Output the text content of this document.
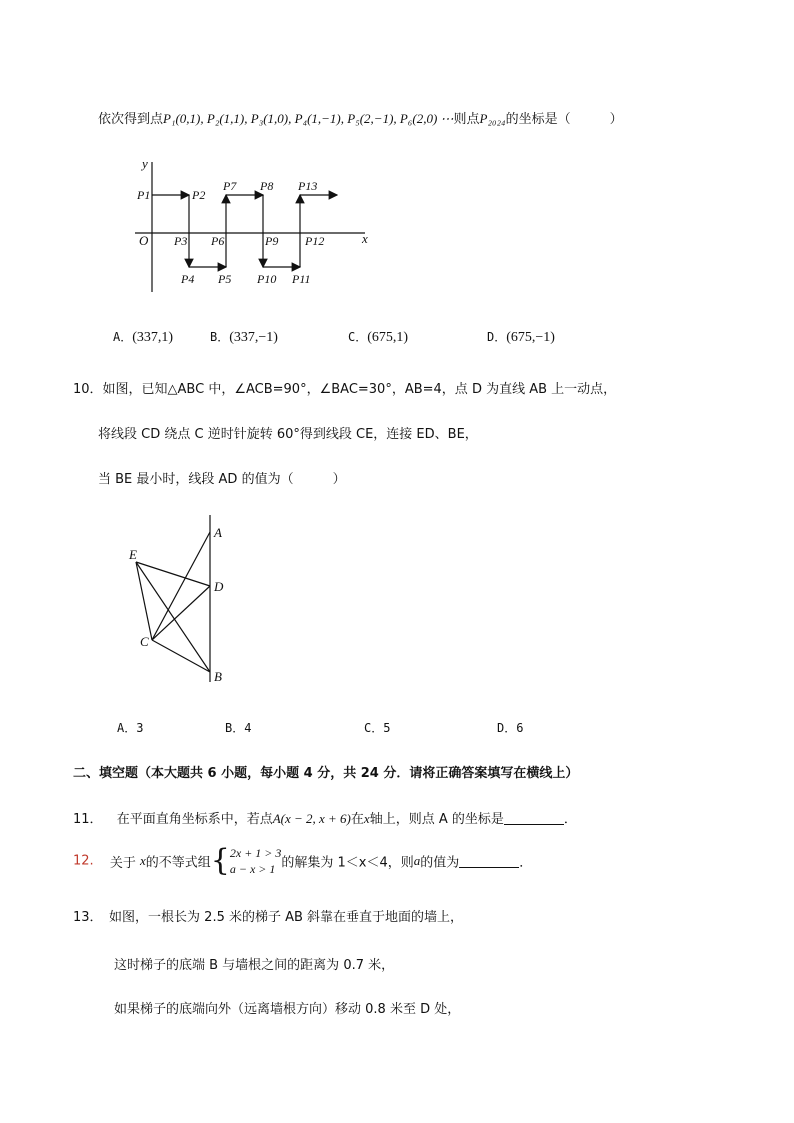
依次得到点P₁(0,1), P₂(1,1), P₃(1,0), P₄(1,−1), P₅(2,−1), P₆(2,0) ⋯则点P₂₀₂₄的坐标是（　　　）
y
x
O
P1	P2
P3
P4 P5
P6
P7 P8
P9
P10 P11
P12
P13
A．(337,1)	B．(337,−1)	C．(675,1)	D．(675,−1)
10．如图，已知△ABC 中，∠ACB=90°，∠BAC=30°，AB=4，点 D 为直线 AB 上一动点，
将线段 CD 绕点 C 逆时针旋转 60°得到线段 CE，连接 ED、BE，
当 BE 最小时，线段 AD 的值为（　　　）
A
D
B
E
C
A．3	B．4	C．5	D．6
二、填空题（本大题共 6 小题，每小题 4 分，共 24 分．请将正确答案填写在横线上）
11． 在平面直角坐标系中，若点A(x − 2, x + 6)在x轴上，则点 A 的坐标是	．
12. 关于 x的不等式组{2x + 1 > 3
a − x > 1 的解集为 1＜x＜4，则a的值为	．
13．　如图，一根长为 2.5 米的梯子 AB 斜靠在垂直于地面的墙上，
这时梯子的底端 B 与墙根之间的距离为 0.7 米，
如果梯子的底端向外（远离墙根方向）移动 0.8 米至 D 处，
